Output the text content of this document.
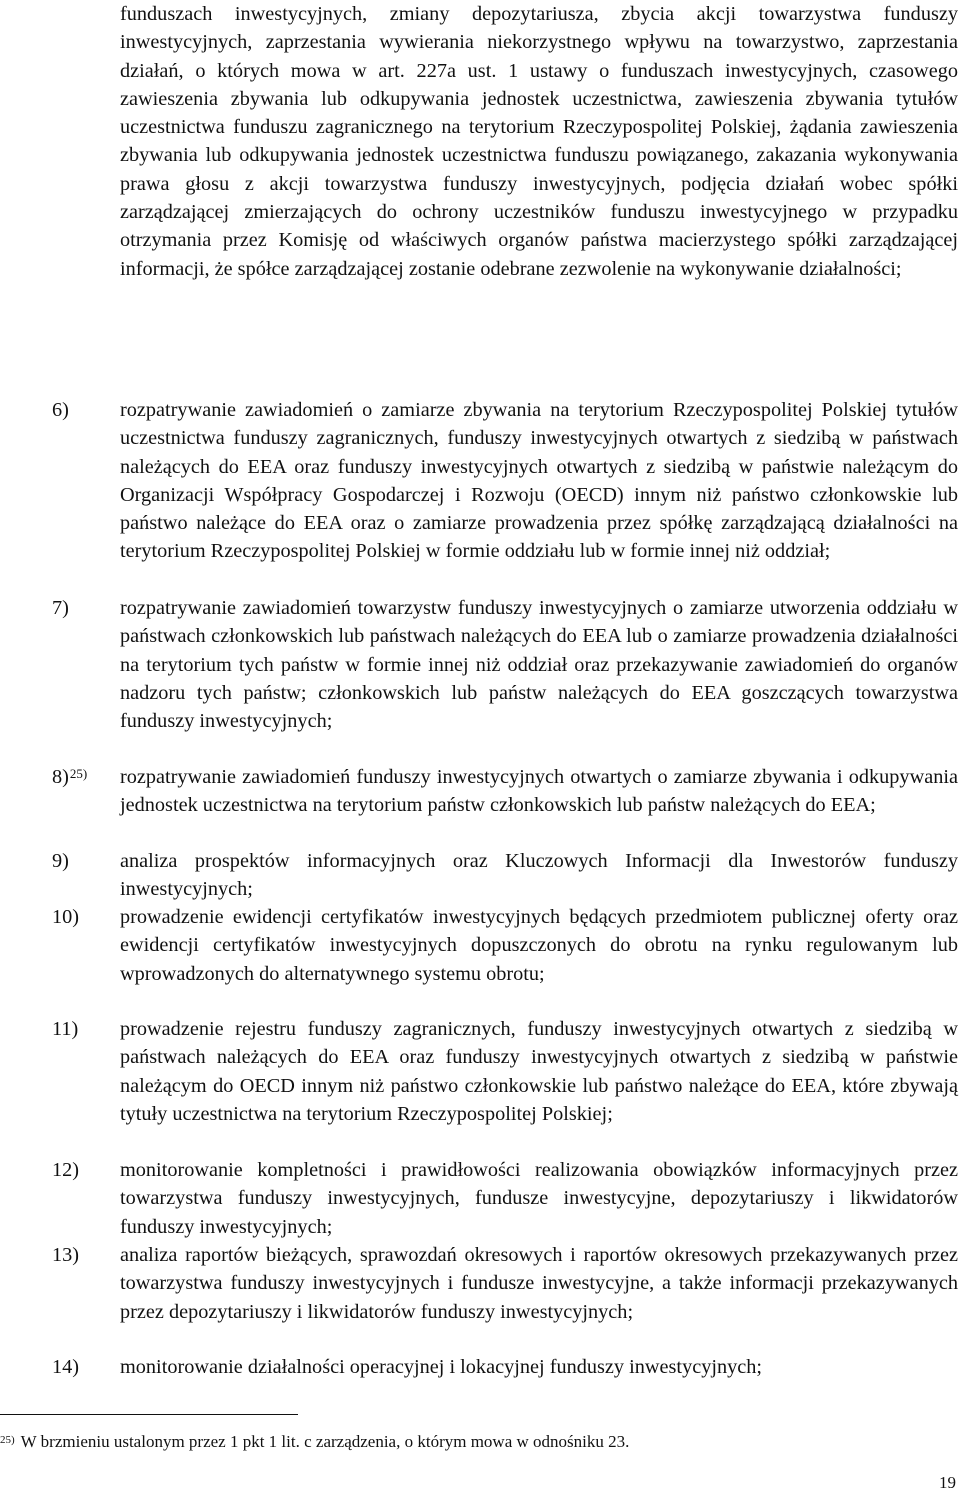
funduszach inwestycyjnych, zmiany depozytariusza, zbycia akcji towarzystwa funduszy inwestycyjnych, zaprzestania wywierania niekorzystnego wpływu na towarzystwo, zaprzestania działań, o których mowa w art. 227a ust. 1 ustawy o funduszach inwestycyjnych, czasowego zawieszenia zbywania lub odkupywania jednostek uczestnictwa, zawieszenia zbywania tytułów uczestnictwa funduszu zagranicznego na terytorium Rzeczypospolitej Polskiej, żądania zawieszenia zbywania lub odkupywania jednostek uczestnictwa funduszu powiązanego, zakazania wykonywania prawa głosu z akcji towarzystwa funduszy inwestycyjnych, podjęcia działań wobec spółki zarządzającej zmierzających do ochrony uczestników funduszu inwestycyjnego w przypadku otrzymania przez Komisję od właściwych organów państwa macierzystego spółki zarządzającej informacji, że spółce zarządzającej zostanie odebrane zezwolenie na wykonywanie działalności;
6)	rozpatrywanie zawiadomień o zamiarze zbywania na terytorium Rzeczypospolitej Polskiej tytułów uczestnictwa funduszy zagranicznych, funduszy inwestycyjnych otwartych z siedzibą w państwach należących do EEA oraz funduszy inwestycyjnych otwartych z siedzibą w państwie należącym do Organizacji Współpracy Gospodarczej i Rozwoju (OECD) innym niż państwo członkowskie lub państwo należące do EEA oraz o zamiarze prowadzenia przez spółkę zarządzającą działalności na terytorium Rzeczypospolitej Polskiej w formie oddziału lub w formie innej niż oddział;
7)	rozpatrywanie zawiadomień towarzystw funduszy inwestycyjnych o zamiarze utworzenia oddziału w państwach członkowskich lub państwach należących do EEA lub o zamiarze prowadzenia działalności na terytorium tych państw w formie innej niż oddział oraz przekazywanie zawiadomień do organów nadzoru tych państw; członkowskich lub państw należących do EEA goszczących towarzystwa funduszy inwestycyjnych;
8)$^{25)}$ rozpatrywanie zawiadomień funduszy inwestycyjnych otwartych o zamiarze zbywania i odkupywania jednostek uczestnictwa na terytorium państw członkowskich lub państw należących do EEA;
9)	analiza prospektów informacyjnych oraz Kluczowych Informacji dla Inwestorów funduszy inwestycyjnych;
10) prowadzenie ewidencji certyfikatów inwestycyjnych będących przedmiotem publicznej oferty oraz ewidencji certyfikatów inwestycyjnych dopuszczonych do obrotu na rynku regulowanym lub wprowadzonych do alternatywnego systemu obrotu;
11) prowadzenie rejestru funduszy zagranicznych, funduszy inwestycyjnych otwartych z siedzibą w państwach należących do EEA oraz funduszy inwestycyjnych otwartych z siedzibą w państwie należącym do OECD innym niż państwo członkowskie lub państwo należące do EEA, które zbywają tytuły uczestnictwa na terytorium Rzeczypospolitej Polskiej;
12) monitorowanie kompletności i prawidłowości realizowania obowiązków informacyjnych przez towarzystwa funduszy inwestycyjnych, fundusze inwestycyjne, depozytariuszy i likwidatorów funduszy inwestycyjnych;
13) analiza raportów bieżących, sprawozdań okresowych i raportów okresowych przekazywanych przez towarzystwa funduszy inwestycyjnych i fundusze inwestycyjne, a także informacji przekazywanych przez depozytariuszy i likwidatorów funduszy inwestycyjnych;
14) monitorowanie działalności operacyjnej i lokacyjnej funduszy inwestycyjnych;
$^{25)}$ W brzmieniu ustalonym przez 1 pkt 1 lit. c zarządzenia, o którym mowa w odnośniku 23.
19
